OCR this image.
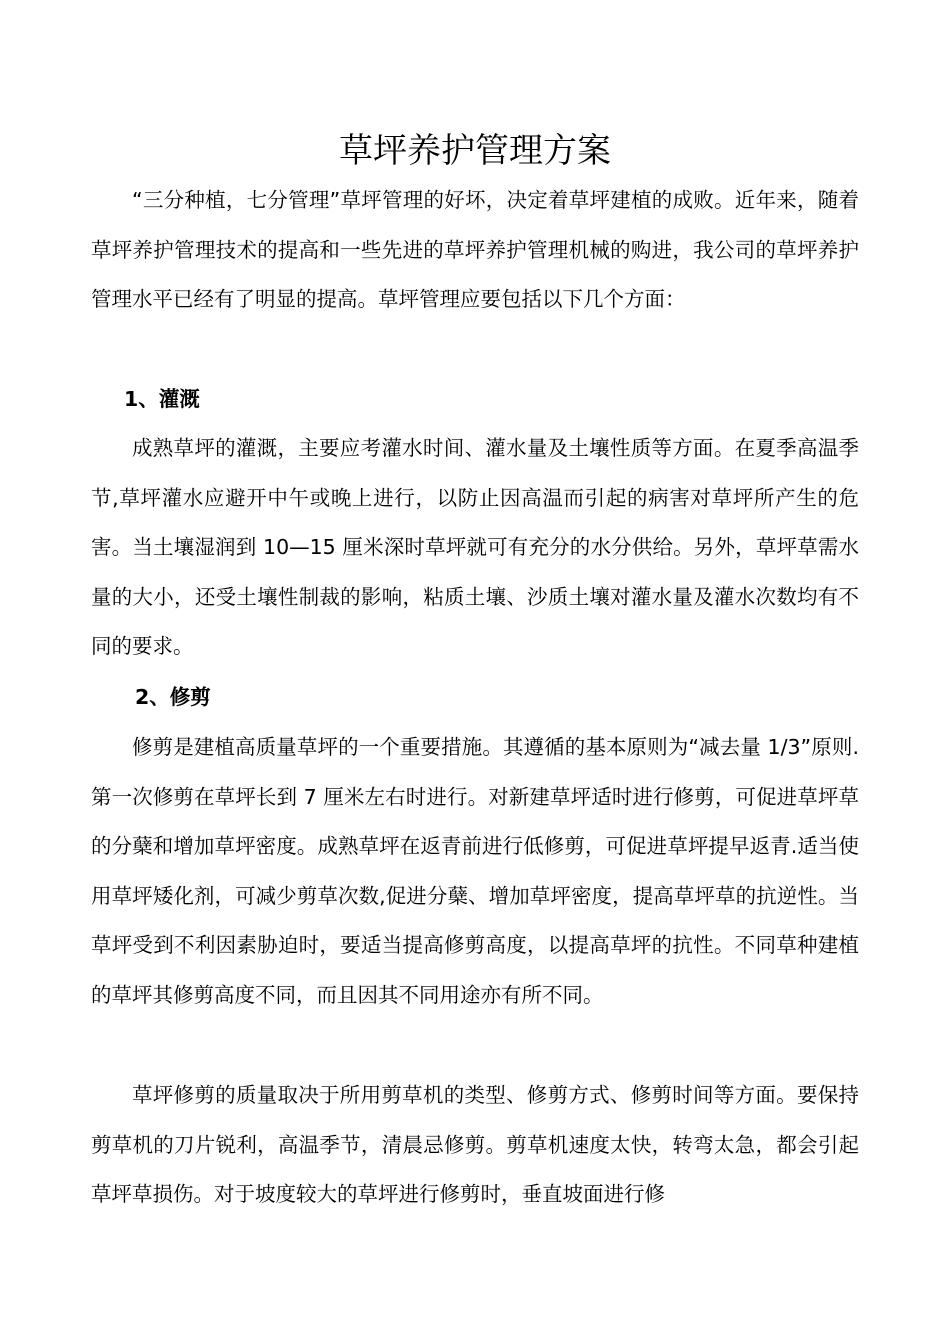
草坪养护管理方案

“三分种植，七分管理”草坪管理的好坏，决定着草坪建植的成败。近年来，随着草坪养护管理技术的提高和一些先进的草坪养护管理机械的购进，我公司的草坪养护管理水平已经有了明显的提高。草坪管理应要包括以下几个方面：

1、灌溉

成熟草坪的灌溉，主要应考灌水时间、灌水量及土壤性质等方面。在夏季高温季节,草坪灌水应避开中午或晚上进行，以防止因高温而引起的病害对草坪所产生的危害。当土壤湿润到 10—15 厘米深时草坪就可有充分的水分供给。另外，草坪草需水量的大小，还受土壤性制裁的影响，粘质土壤、沙质土壤对灌水量及灌水次数均有不同的要求。

2、修剪

修剪是建植高质量草坪的一个重要措施。其遵循的基本原则为“减去量 1/3”原则.第一次修剪在草坪长到 7 厘米左右时进行。对新建草坪适时进行修剪，可促进草坪草的分蘖和增加草坪密度。成熟草坪在返青前进行低修剪，可促进草坪提早返青.适当使用草坪矮化剂，可减少剪草次数,促进分蘖、增加草坪密度，提高草坪草的抗逆性。当草坪受到不利因素胁迫时，要适当提高修剪高度，以提高草坪的抗性。不同草种建植的草坪其修剪高度不同，而且因其不同用途亦有所不同。

草坪修剪的质量取决于所用剪草机的类型、修剪方式、修剪时间等方面。要保持剪草机的刀片锐利，高温季节，清晨忌修剪。剪草机速度太快，转弯太急，都会引起草坪草损伤。对于坡度较大的草坪进行修剪时，垂直坡面进行修
